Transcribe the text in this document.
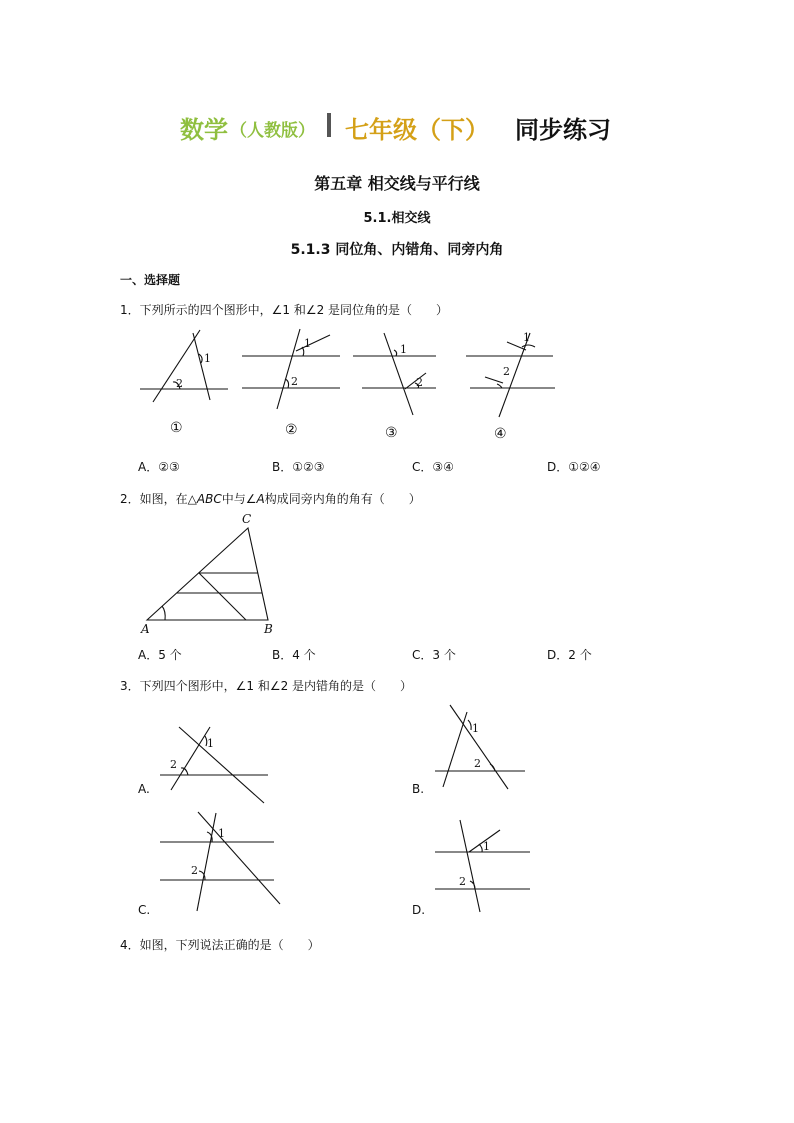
数学 （人教版） 七年级（下） 同步练习
第五章 相交线与平行线
5.1.相交线
5.1.3 同位角、内错角、同旁内角
一、选择题
1．下列所示的四个图形中，∠1 和∠2 是同位角的是（　　）
1
2
1
2
1
2
1
2
①	②	③	④
A．②③	B．①②③	C．③④	D．①②④
2．如图，在△ABC中与∠A构成同旁内角的角有（　　）
A	B
C
A．5 个	B．4 个	C．3 个	D．2 个
3．下列四个图形中，∠1 和∠2 是内错角的是（　　）
1
2
1
2
1
2
1
2
A.	B.
C.	D.
4．如图，下列说法正确的是（　　）
